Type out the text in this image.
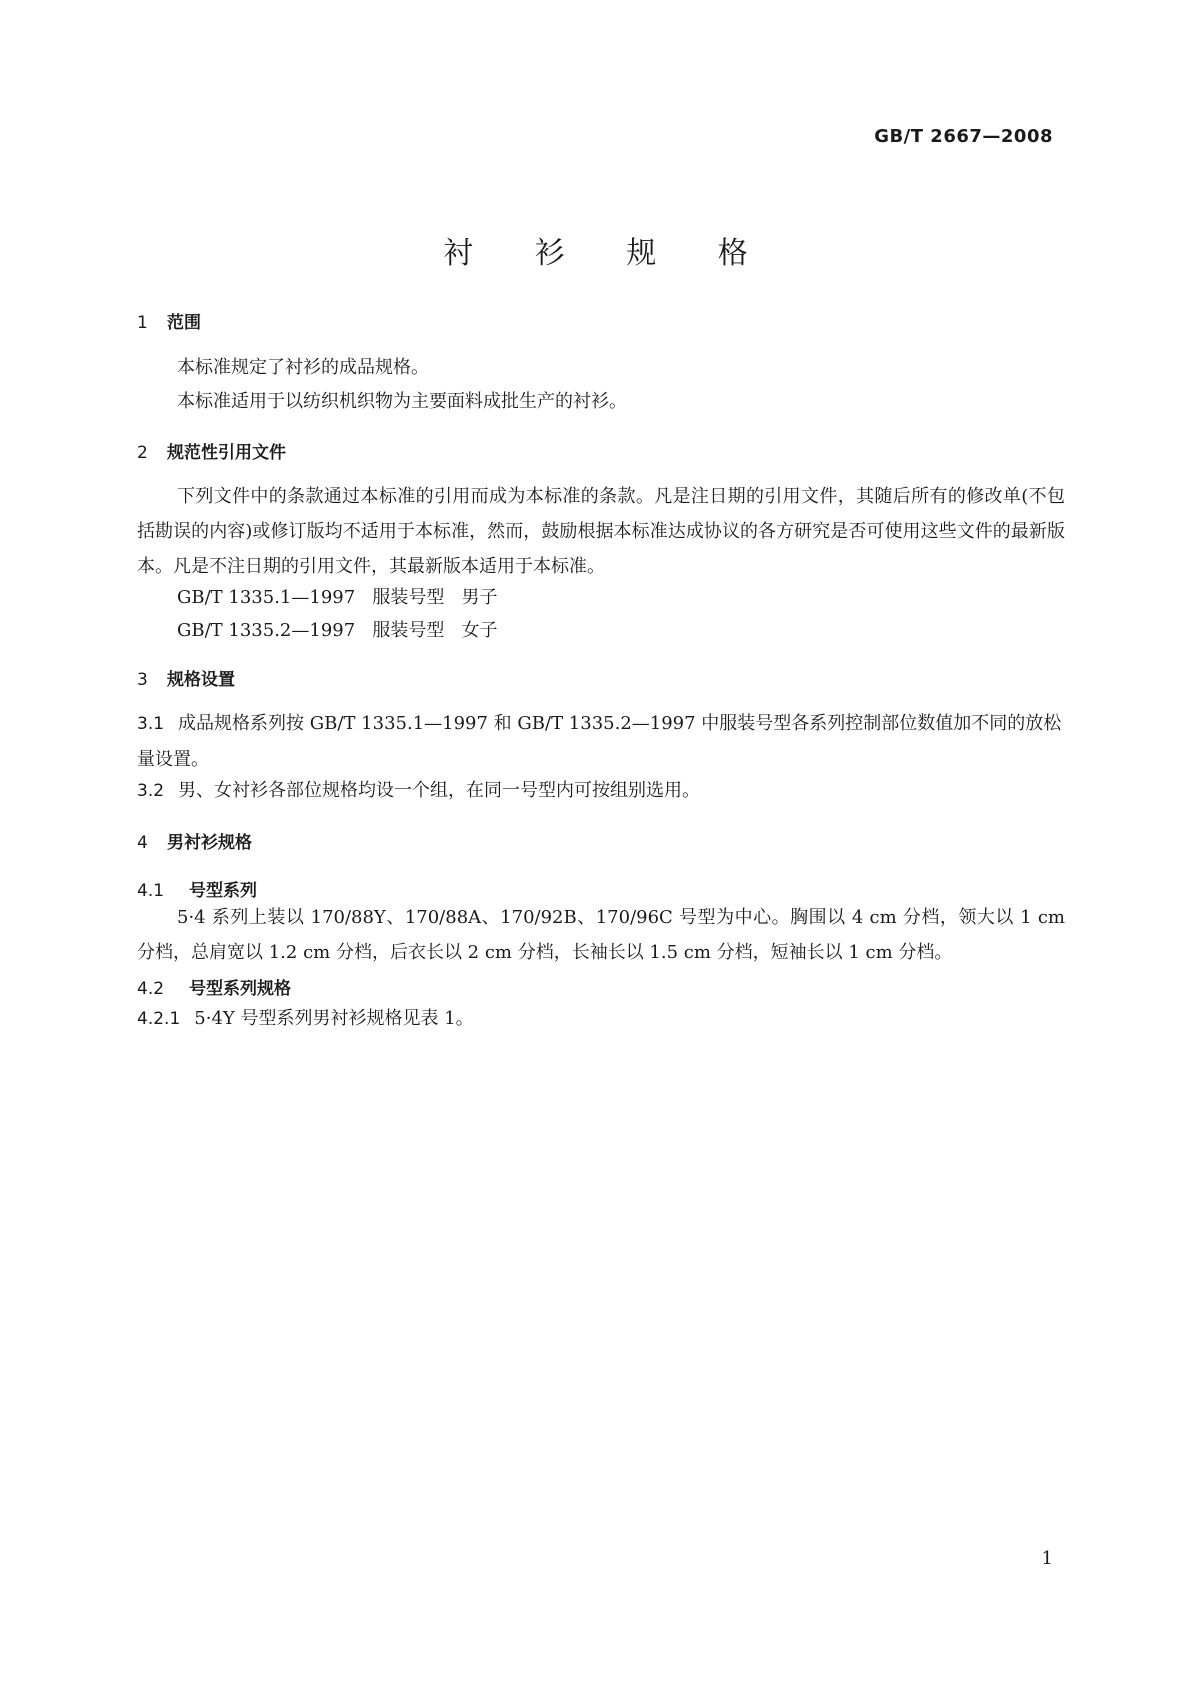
GB/T 2667—2008
衬 衫 规 格
1 范围
本标准规定了衬衫的成品规格。
本标准适用于以纺织机织物为主要面料成批生产的衬衫。
2 规范性引用文件
下列文件中的条款通过本标准的引用而成为本标准的条款。凡是注日期的引用文件，其随后所有的修改单(不包括勘误的内容)或修订版均不适用于本标准，然而，鼓励根据本标准达成协议的各方研究是否可使用这些文件的最新版本。凡是不注日期的引用文件，其最新版本适用于本标准。
GB/T 1335.1—1997   服装号型   男子
GB/T 1335.2—1997   服装号型   女子
3 规格设置
3.1 成品规格系列按 GB/T 1335.1—1997 和 GB/T 1335.2—1997 中服装号型各系列控制部位数值加不同的放松量设置。
3.2 男、女衬衫各部位规格均设一个组，在同一号型内可按组别选用。
4 男衬衫规格
4.1 号型系列
5·4 系列上装以 170/88Y、170/88A、170/92B、170/96C 号型为中心。胸围以 4 cm 分档，领大以 1 cm 分档，总肩宽以 1.2 cm 分档，后衣长以 2 cm 分档，长袖长以 1.5 cm 分档，短袖长以 1 cm 分档。
4.2 号型系列规格
4.2.1 5·4Y 号型系列男衬衫规格见表 1。
1
